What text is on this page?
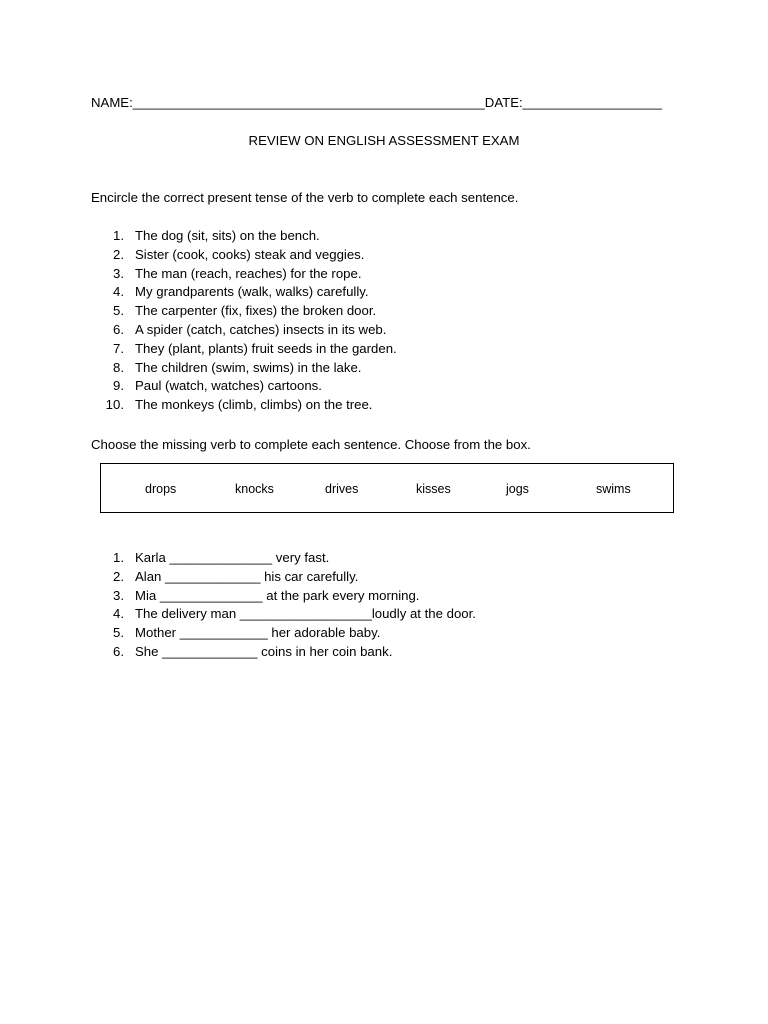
NAME:________________________________________________DATE:___________________
REVIEW ON ENGLISH ASSESSMENT EXAM
Encircle the correct present tense of the verb to complete each sentence.
1. The dog (sit, sits) on the bench.
2. Sister (cook, cooks) steak and veggies.
3. The man (reach, reaches) for the rope.
4. My grandparents (walk, walks) carefully.
5. The carpenter (fix, fixes) the broken door.
6. A spider (catch, catches) insects in its web.
7. They (plant, plants) fruit seeds in the garden.
8. The children (swim, swims) in the lake.
9. Paul (watch, watches) cartoons.
10. The monkeys (climb, climbs) on the tree.
Choose the missing verb to complete each sentence. Choose from the box.
drops	knocks	drives	kisses	jogs	swims
1. Karla ______________ very fast.
2. Alan _____________ his car carefully.
3. Mia ______________ at the park every morning.
4. The delivery man __________________loudly at the door.
5. Mother ____________ her adorable baby.
6. She _____________ coins in her coin bank.
